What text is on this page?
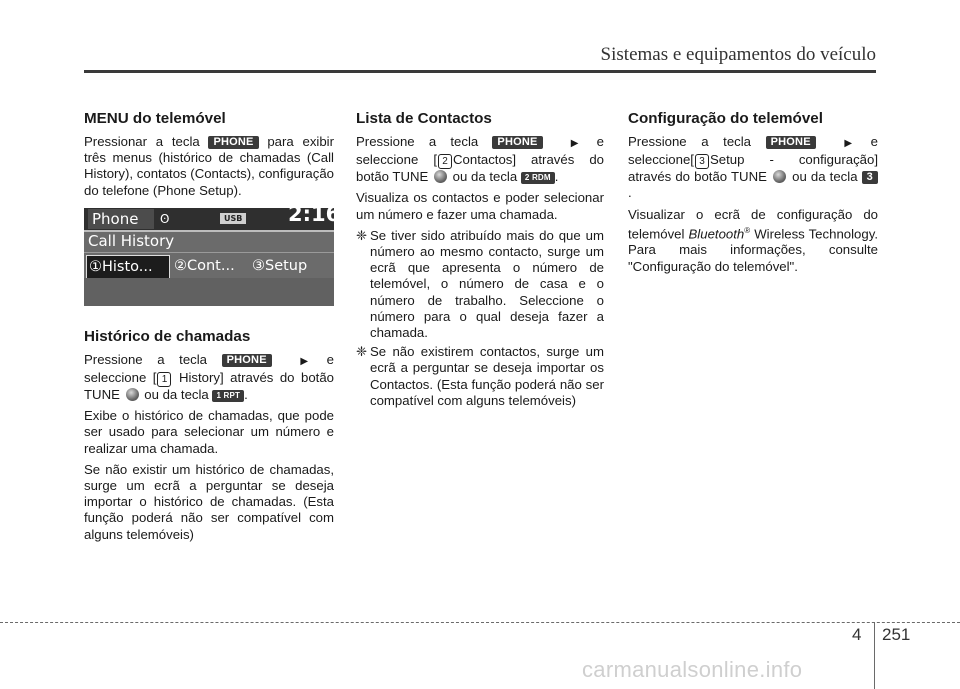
Sistemas e equipamentos do veículo
MENU do telemóvel

Pressionar a tecla PHONE para exibir três menus (histórico de chamadas (Call History), contatos (Contacts), configuração do telefone (Phone Setup).

Phone	ʘ	USB 2:16
Call History
①Histo...	②Cont... ③Setup
Histórico de chamadas

Pressione a tecla PHONE	▶ e seleccione [ 1 History] através do botão TUNE ou da tecla 1 RPT .

Exibe o histórico de chamadas, que pode ser usado para selecionar um número e realizar uma chamada.

Se não existir um histórico de chamadas, surge um ecrã a perguntar se deseja importar o histórico de chamadas. (Esta função poderá não ser compatível com alguns telemóveis)

Lista de Contactos

Pressione a tecla PHONE	▶ e seleccione [ 2 Contactos] através do botão TUNE ou da tecla 2 RDM .

Visualiza os contactos e poder selecionar um número e fazer uma chamada.

❈ Se tiver sido atribuído mais do que um número ao mesmo contacto, surge um ecrã que apresenta o número de telemóvel, o número de casa e o número de trabalho. Seleccione o número para o qual deseja fazer a chamada.
❈ Se não existirem contactos, surge um ecrã a perguntar se deseja importar os Contactos. (Esta função poderá não ser compatível com alguns telemóveis)
Configuração do telemóvel

Pressione a tecla PHONE	▶ e seleccione[ 3 Setup - configuração] através do botão TUNE ou da tecla 3.

Visualizar o ecrã de configuração do telemóvel Bluetooth® Wireless Technology. Para mais informações, consulte "Configuração do telemóvel".

4 251
carmanualsonline.info
